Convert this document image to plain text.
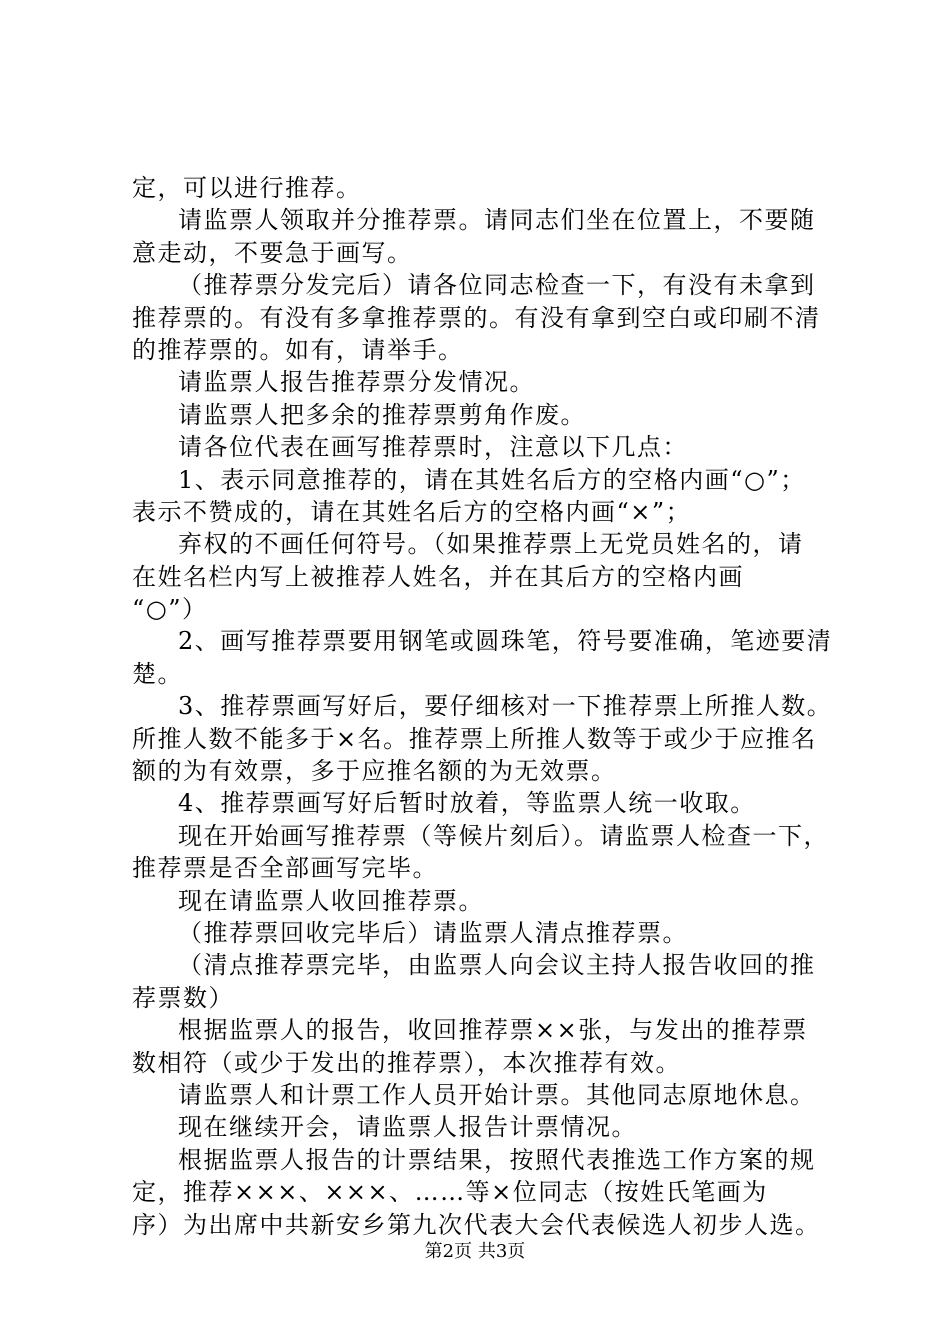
定，可以进行推荐。
请监票人领取并分推荐票。请同志们坐在位置上，不要随
意走动，不要急于画写。
（推荐票分发完后）请各位同志检查一下，有没有未拿到
推荐票的。有没有多拿推荐票的。有没有拿到空白或印刷不清
的推荐票的。如有，请举手。
请监票人报告推荐票分发情况。
请监票人把多余的推荐票剪角作废。
请各位代表在画写推荐票时，注意以下几点：
1、表示同意推荐的，请在其姓名后方的空格内画“○”；
表示不赞成的，请在其姓名后方的空格内画“×”；
弃权的不画任何符号。（如果推荐票上无党员姓名的，请
在姓名栏内写上被推荐人姓名，并在其后方的空格内画
“○”）
2、画写推荐票要用钢笔或圆珠笔，符号要准确，笔迹要清
楚。
3、推荐票画写好后，要仔细核对一下推荐票上所推人数。
所推人数不能多于×名。推荐票上所推人数等于或少于应推名
额的为有效票，多于应推名额的为无效票。
4、推荐票画写好后暂时放着，等监票人统一收取。
现在开始画写推荐票（等候片刻后）。请监票人检查一下，
推荐票是否全部画写完毕。
现在请监票人收回推荐票。
（推荐票回收完毕后）请监票人清点推荐票。
（清点推荐票完毕，由监票人向会议主持人报告收回的推
荐票数）
根据监票人的报告，收回推荐票××张，与发出的推荐票
数相符（或少于发出的推荐票），本次推荐有效。
请监票人和计票工作人员开始计票。其他同志原地休息。
现在继续开会，请监票人报告计票情况。
根据监票人报告的计票结果，按照代表推选工作方案的规
定，推荐×××、×××、……等×位同志（按姓氏笔画为
序）为出席中共新安乡第九次代表大会代表候选人初步人选。
第2页 共3页
